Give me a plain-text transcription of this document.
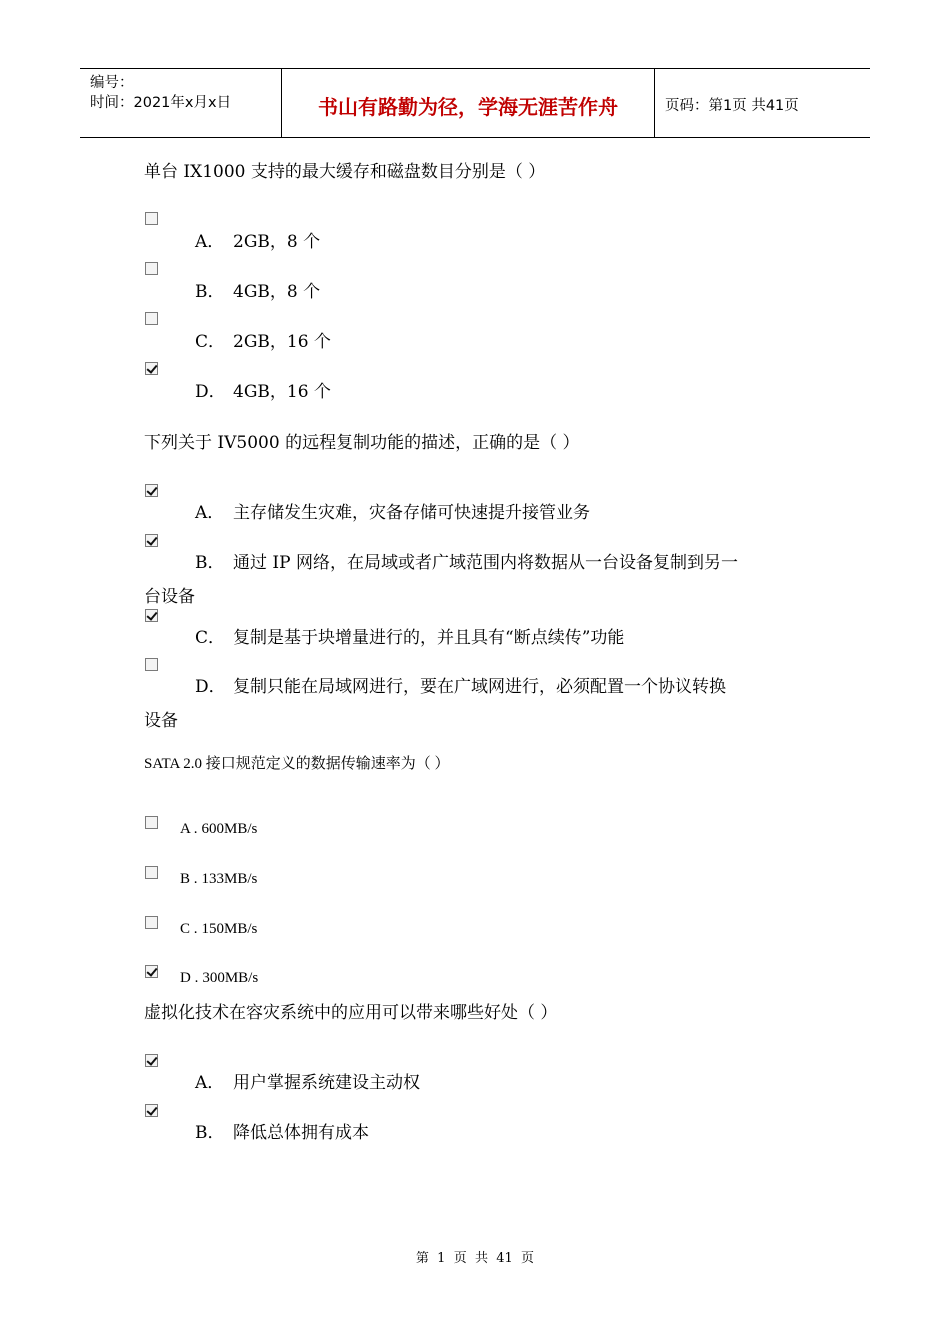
编号：
时间：2021年x月x日	书山有路勤为径，学海无涯苦作舟	页码：第1页 共41页
单台 IX1000 支持的最大缓存和磁盘数目分别是（ ）
A． 2GB，8 个
B． 4GB，8 个
C． 2GB，16 个
D． 4GB，16 个
下列关于 IV5000 的远程复制功能的描述，正确的是（ ）
A． 主存储发生灾难，灾备存储可快速提升接管业务
B． 通过 IP 网络，在局域或者广域范围内将数据从一台设备复制到另一
台设备
C． 复制是基于块增量进行的，并且具有“断点续传”功能
D． 复制只能在局域网进行，要在广域网进行，必须配置一个协议转换
设备
SATA 2.0 接口规范定义的数据传输速率为（ ）
A . 600MB/s
B . 133MB/s
C . 150MB/s
D . 300MB/s
虚拟化技术在容灾系统中的应用可以带来哪些好处（ ）
A． 用户掌握系统建设主动权
B． 降低总体拥有成本
第  1  页  共  41  页
